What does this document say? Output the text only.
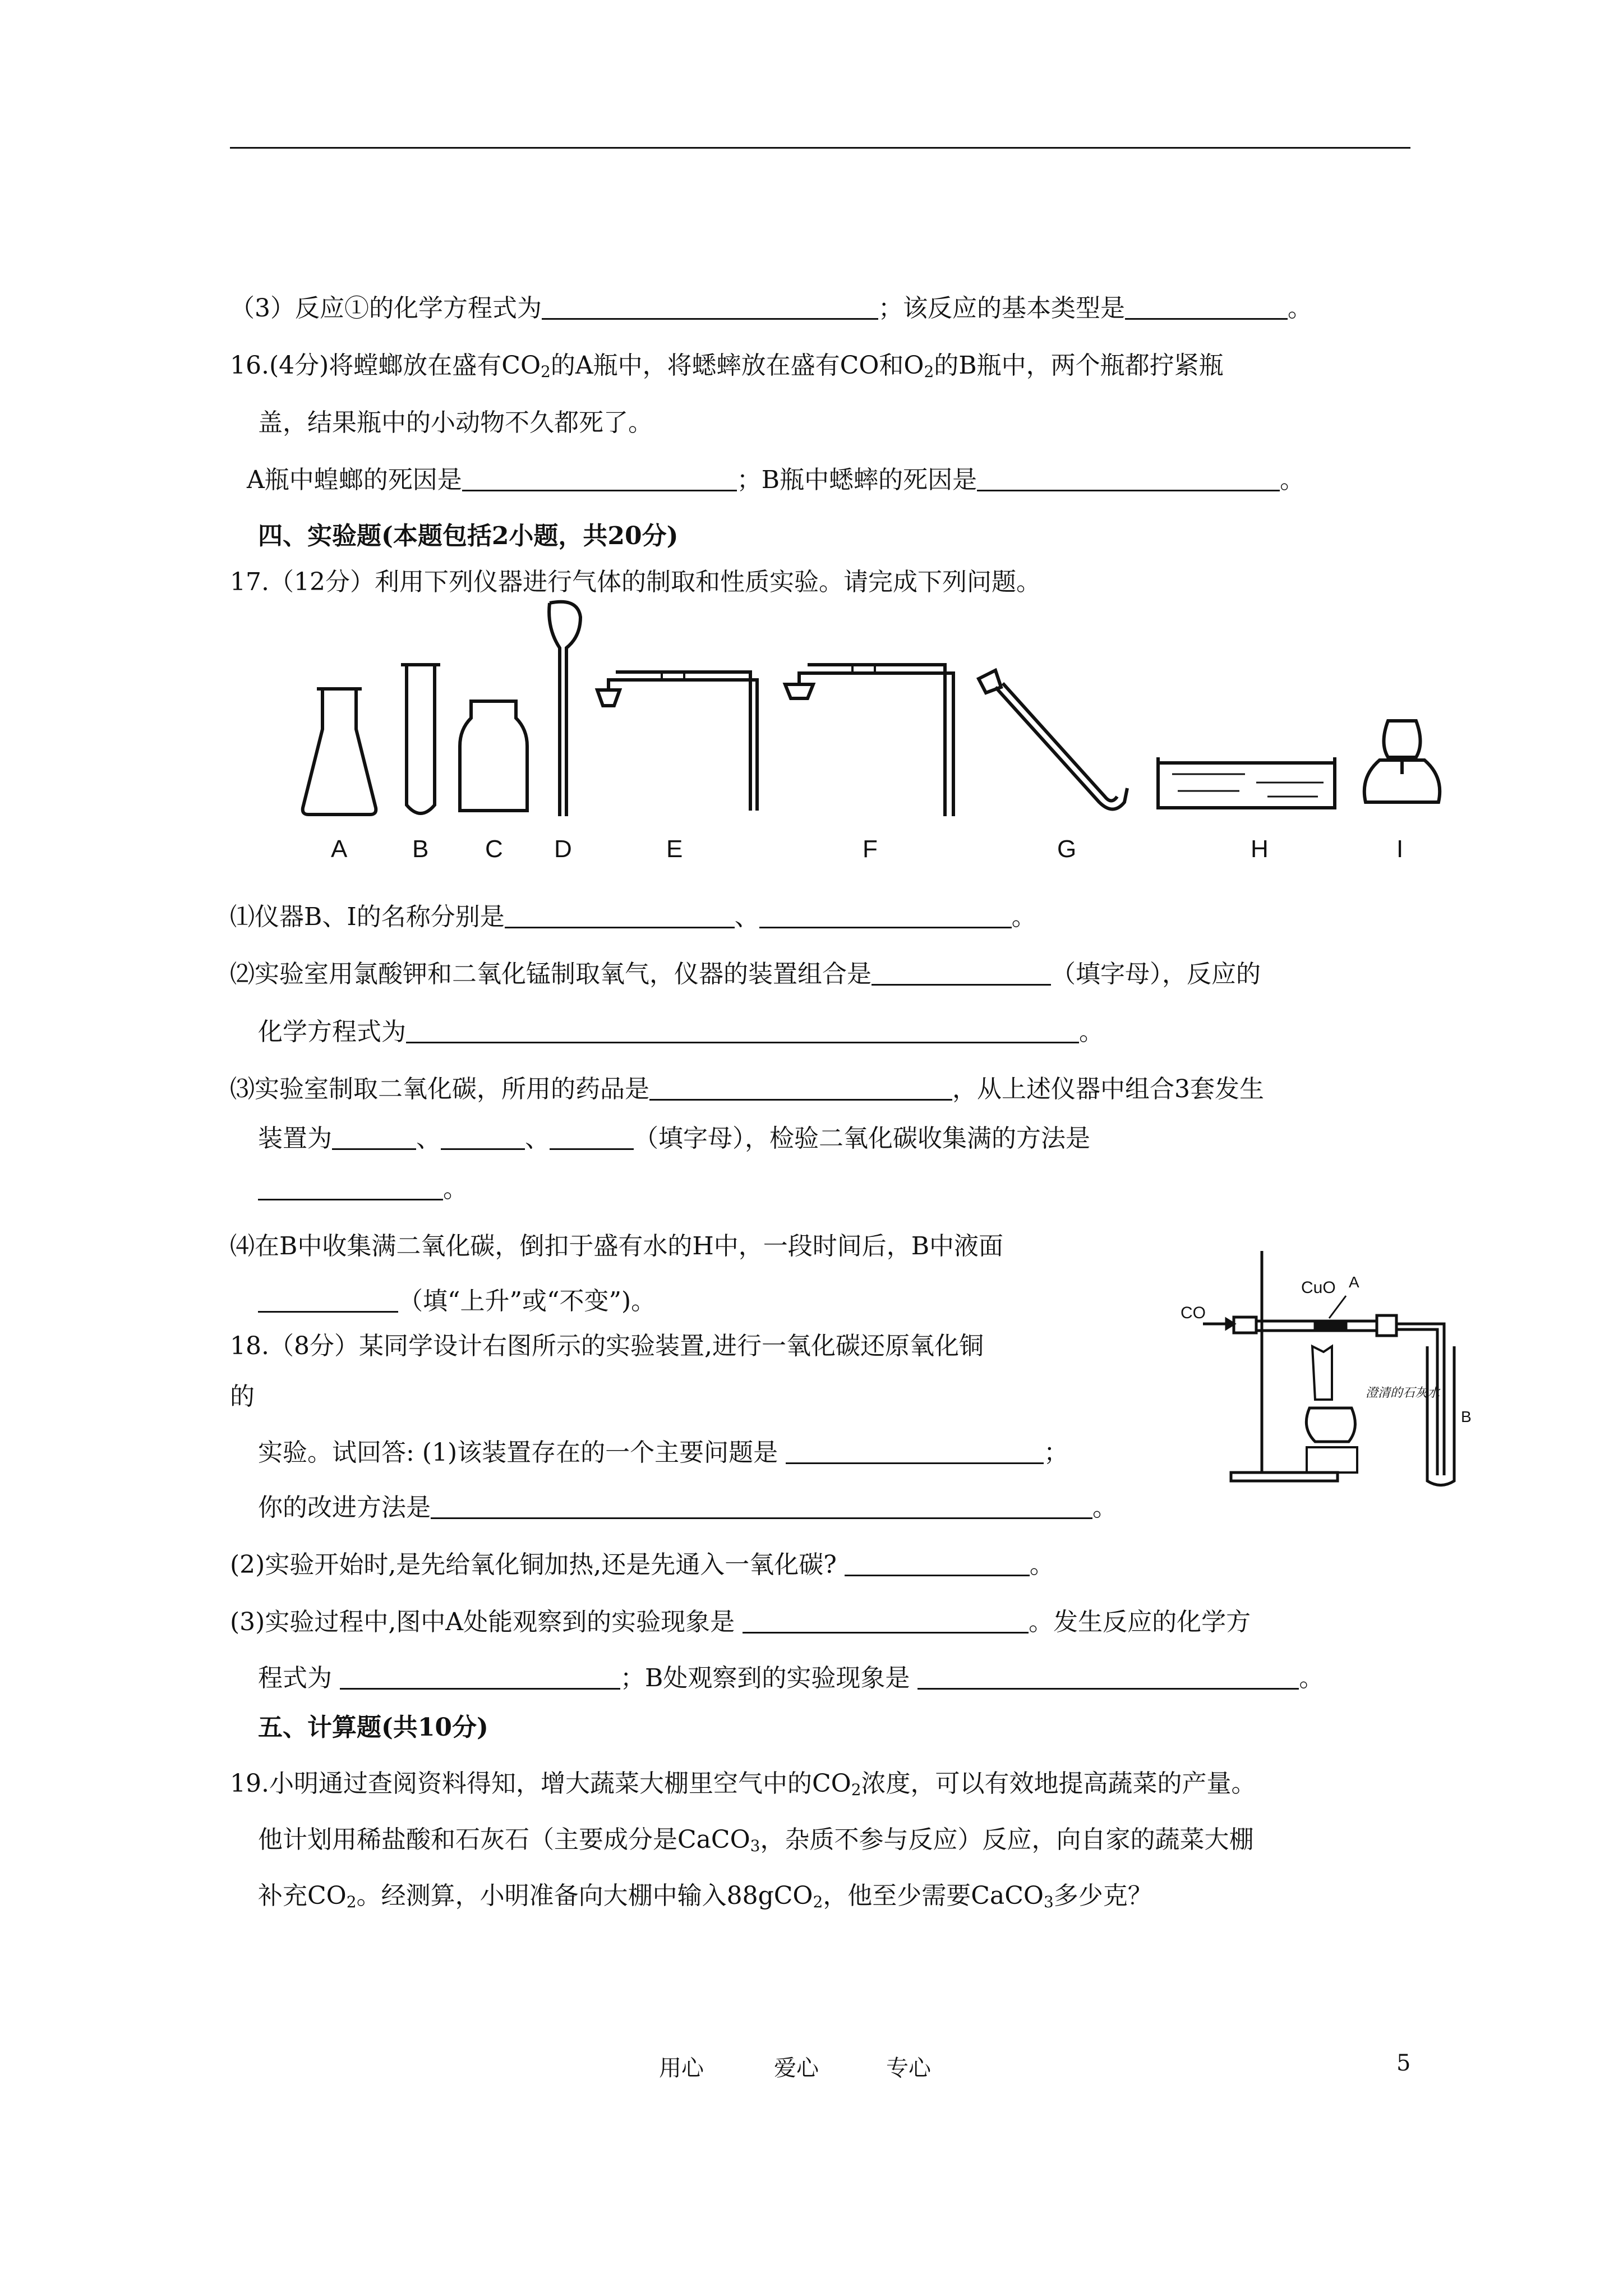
（3）反应①的化学方程式为	；该反应的基本类型是	。
16.(4分)将螳螂放在盛有$CO_2$的A瓶中，将蟋蟀放在盛有CO和$O_2$的B瓶中，两个瓶都拧紧瓶
盖，结果瓶中的小动物不久都死了。
A瓶中蝗螂的死因是	；B瓶中蟋蟀的死因是	。
四、实验题(本题包括2小题，共20分)
17.（12分）利用下列仪器进行气体的制取和性质实验。请完成下列问题。
A	B C D	E	F	G	H	I
⑴仪器B、I的名称分别是	、	。
⑵实验室用氯酸钾和二氧化锰制取氧气，仪器的装置组合是	（填字母），反应的
化学方程式为	。
⑶实验室制取二氧化碳，所用的药品是	，从上述仪器中组合3套发生
装置为	、	、	（填字母），检验二氧化碳收集满的方法是
。
⑷在B中收集满二氧化碳，倒扣于盛有水的H中，一段时间后，B中液面
（填“上升”或“不变”)。	CO
CuO A
B
澄清的石灰水
18.（8分）某同学设计右图所示的实验装置,进行一氧化碳还原氧化铜
的
实验。试回答: (1)该装置存在的一个主要问题是	；
你的改进方法是	。
(2)实验开始时,是先给氧化铜加热,还是先通入一氧化碳?	。
(3)实验过程中,图中A处能观察到的实验现象是	。发生反应的化学方
程式为	；B处观察到的实验现象是	。
五、计算题(共10分)
19.小明通过查阅资料得知，增大蔬菜大棚里空气中的$CO_2$浓度，可以有效地提高蔬菜的产量。
他计划用稀盐酸和石灰石（主要成分是CaCO$_3$，杂质不参与反应）反应，向自家的蔬菜大棚
补充$CO_2$。经测算，小明准备向大棚中输入88gCO$_2$，他至少需要CaCO$_3$多少克？
用心	爱心	专心	5
